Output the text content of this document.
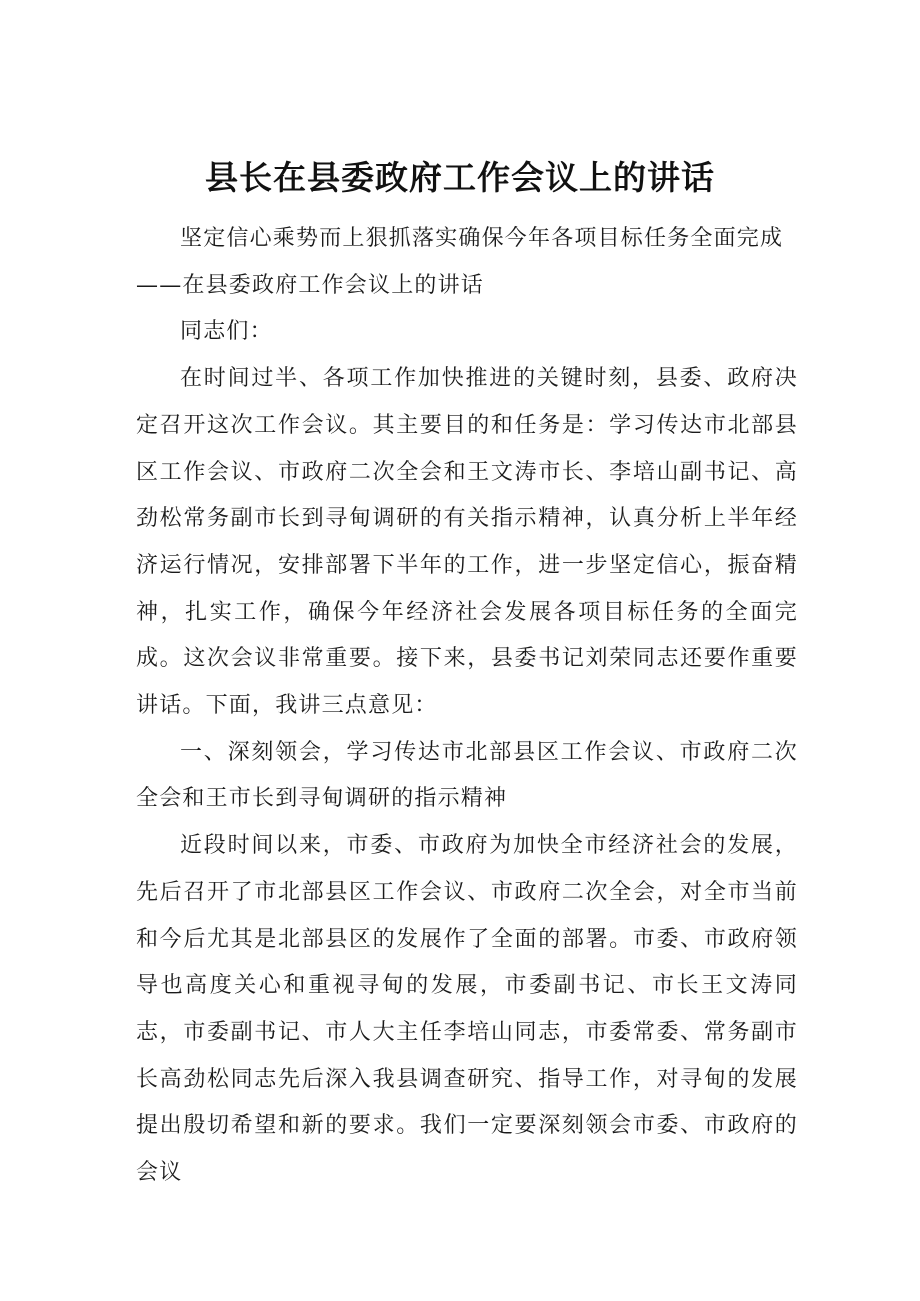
县长在县委政府工作会议上的讲话

坚定信心乘势而上狠抓落实确保今年各项目标任务全面完成

——在县委政府工作会议上的讲话

同志们：

在时间过半、各项工作加快推进的关键时刻，县委、政府决定召开这次工作会议。其主要目的和任务是：学习传达市北部县区工作会议、市政府二次全会和王文涛市长、李培山副书记、高劲松常务副市长到寻甸调研的有关指示精神，认真分析上半年经济运行情况，安排部署下半年的工作，进一步坚定信心，振奋精神，扎实工作，确保今年经济社会发展各项目标任务的全面完成。这次会议非常重要。接下来，县委书记刘荣同志还要作重要讲话。下面，我讲三点意见：

一、深刻领会，学习传达市北部县区工作会议、市政府二次全会和王市长到寻甸调研的指示精神

近段时间以来，市委、市政府为加快全市经济社会的发展，先后召开了市北部县区工作会议、市政府二次全会，对全市当前和今后尤其是北部县区的发展作了全面的部署。市委、市政府领导也高度关心和重视寻甸的发展，市委副书记、市长王文涛同志，市委副书记、市人大主任李培山同志，市委常委、常务副市长高劲松同志先后深入我县调查研究、指导工作，对寻甸的发展提出殷切希望和新的要求。我们一定要深刻领会市委、市政府的会议
